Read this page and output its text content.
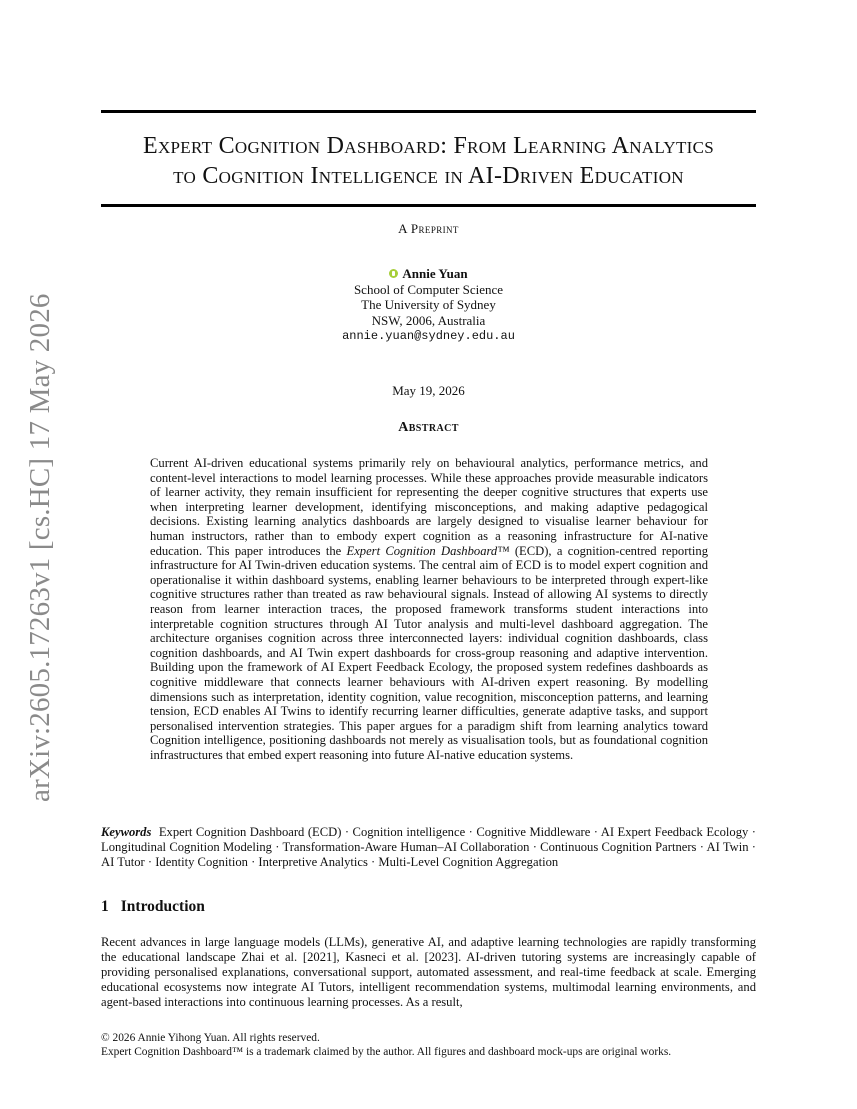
arXiv:2605.17263v1 [cs.HC] 17 May 2026
Expert Cognition Dashboard: From Learning Analytics
to Cognition Intelligence in AI-Driven Education
A Preprint
Annie Yuan
School of Computer Science
The University of Sydney
NSW, 2006, Australia
annie.yuan@sydney.edu.au
May 19, 2026
Abstract
Current AI-driven educational systems primarily rely on behavioural analytics, performance metrics, and content-level interactions to model learning processes. While these approaches provide measurable indicators of learner activity, they remain insufficient for representing the deeper cognitive structures that experts use when interpreting learner development, identifying misconceptions, and making adaptive pedagogical decisions. Existing learning analytics dashboards are largely designed to visualise learner behaviour for human instructors, rather than to embody expert cognition as a reasoning infrastructure for AI-native education. This paper introduces the Expert Cognition Dashboard™ (ECD), a cognition-centred reporting infrastructure for AI Twin-driven education systems. The central aim of ECD is to model expert cognition and operationalise it within dashboard systems, enabling learner behaviours to be interpreted through expert-like cognitive structures rather than treated as raw behavioural signals. Instead of allowing AI systems to directly reason from learner interaction traces, the proposed framework transforms student interactions into interpretable cognition structures through AI Tutor analysis and multi-level dashboard aggregation. The architecture organises cognition across three interconnected layers: individual cognition dashboards, class cognition dashboards, and AI Twin expert dashboards for cross-group reasoning and adaptive intervention. Building upon the framework of AI Expert Feedback Ecology, the proposed system redefines dashboards as cognitive middleware that connects learner behaviours with AI-driven expert reasoning. By modelling dimensions such as interpretation, identity cognition, value recognition, misconception patterns, and learning tension, ECD enables AI Twins to identify recurring learner difficulties, generate adaptive tasks, and support personalised intervention strategies. This paper argues for a paradigm shift from learning analytics toward Cognition intelligence, positioning dashboards not merely as visualisation tools, but as foundational cognition infrastructures that embed expert reasoning into future AI-native education systems.
Keywords Expert Cognition Dashboard (ECD) · Cognition intelligence · Cognitive Middleware · AI Expert Feedback Ecology · Longitudinal Cognition Modeling · Transformation-Aware Human–AI Collaboration · Continuous Cognition Partners · AI Twin · AI Tutor · Identity Cognition · Interpretive Analytics · Multi-Level Cognition Aggregation
1 Introduction
Recent advances in large language models (LLMs), generative AI, and adaptive learning technologies are rapidly transforming the educational landscape Zhai et al. [2021], Kasneci et al. [2023]. AI-driven tutoring systems are increasingly capable of providing personalised explanations, conversational support, automated assessment, and real-time feedback at scale. Emerging educational ecosystems now integrate AI Tutors, intelligent recommendation systems, multimodal learning environments, and agent-based interactions into continuous learning processes. As a result,
© 2026 Annie Yihong Yuan. All rights reserved.
Expert Cognition Dashboard™ is a trademark claimed by the author. All figures and dashboard mock-ups are original works.
